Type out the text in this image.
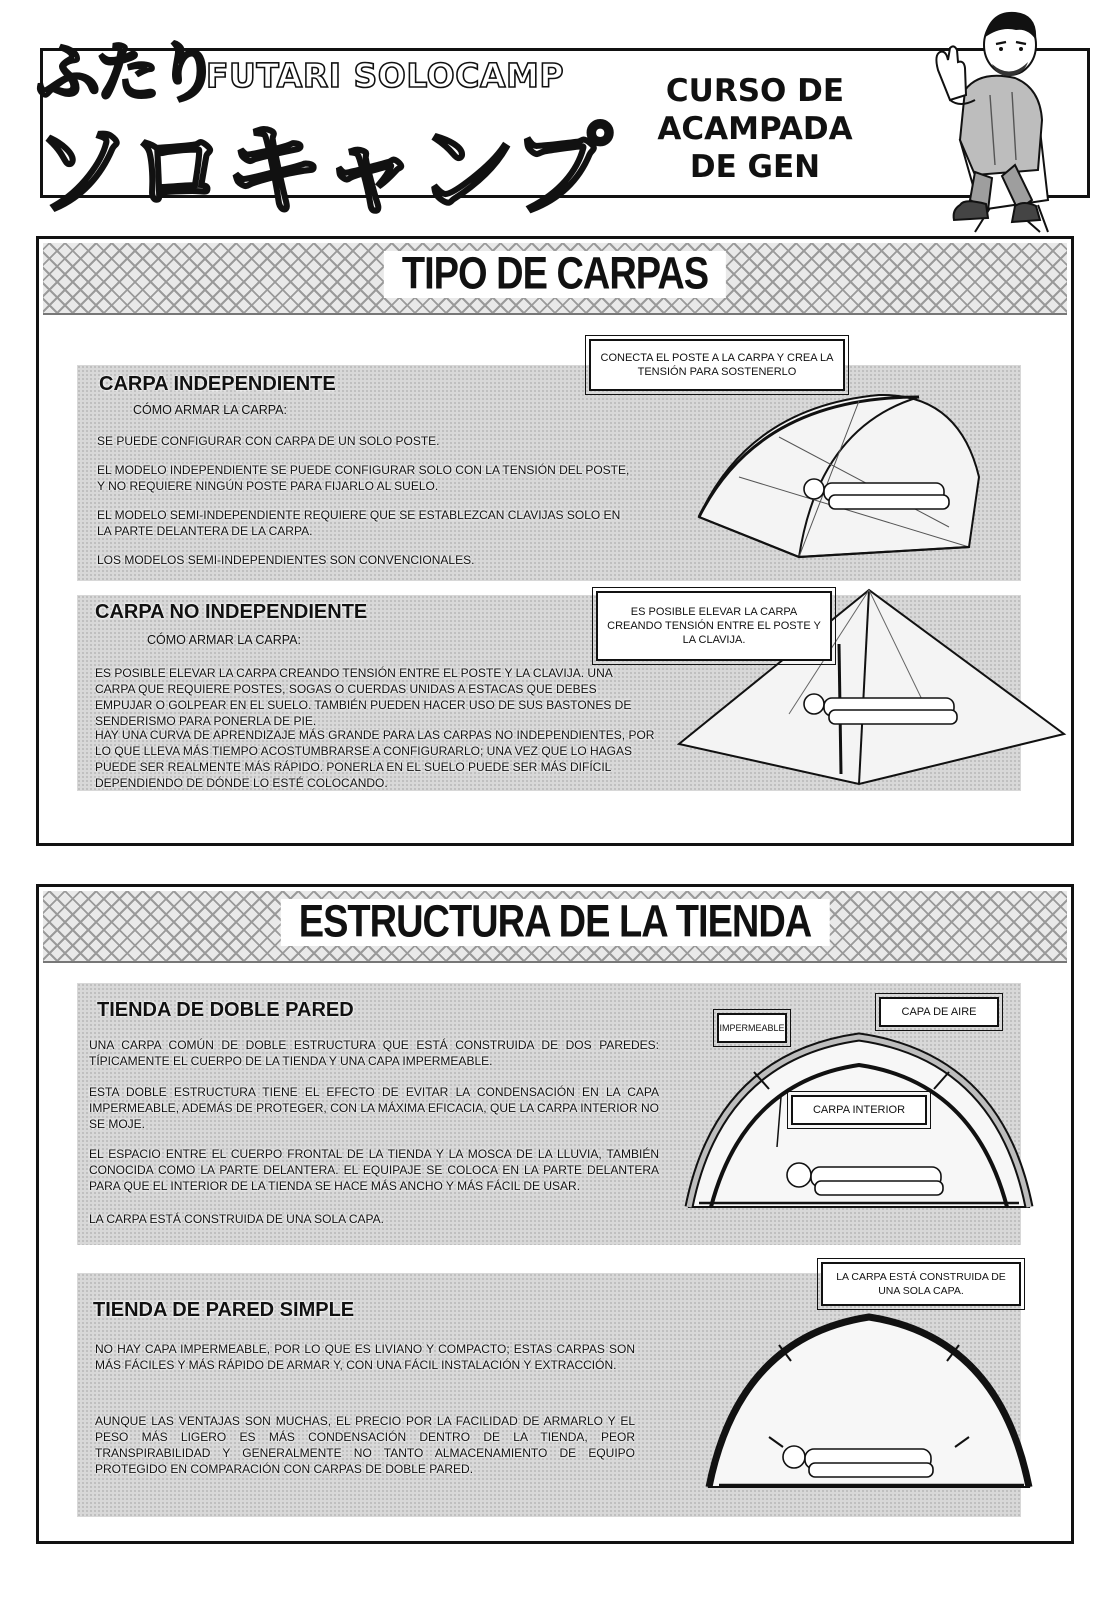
ふたり
ソロキャンプ
FUTARI SOLOCAMP	CURSO DE
ACAMPADA
DE GEN
TIPO DE CARPAS
CARPA INDEPENDIENTE
CÓMO ARMAR LA CARPA:
SE PUEDE CONFIGURAR CON CARPA DE UN SOLO POSTE.
EL MODELO INDEPENDIENTE SE PUEDE CONFIGURAR SOLO CON LA TENSIÓN DEL POSTE, Y NO REQUIERE NINGÚN POSTE PARA FIJARLO AL SUELO.
EL MODELO SEMI-INDEPENDIENTE REQUIERE QUE SE ESTABLEZCAN CLAVIJAS SOLO EN LA PARTE DELANTERA DE LA CARPA.
LOS MODELOS SEMI-INDEPENDIENTES SON CONVENCIONALES.
CONECTA EL POSTE A LA CARPA Y CREA LA TENSIÓN PARA SOSTENERLO
CARPA NO INDEPENDIENTE
CÓMO ARMAR LA CARPA:
ES POSIBLE ELEVAR LA CARPA CREANDO TENSIÓN ENTRE EL POSTE Y LA CLAVIJA. UNA CARPA QUE REQUIERE POSTES, SOGAS O CUERDAS UNIDAS A ESTACAS QUE DEBES EMPUJAR O GOLPEAR EN EL SUELO. TAMBIÉN PUEDEN HACER USO DE SUS BASTONES DE SENDERISMO PARA PONERLA DE PIE.
HAY UNA CURVA DE APRENDIZAJE MÁS GRANDE PARA LAS CARPAS NO INDEPENDIENTES, POR LO QUE LLEVA MÁS TIEMPO ACOSTUMBRARSE A CONFIGURARLO; UNA VEZ QUE LO HAGAS PUEDE SER REALMENTE MÁS RÁPIDO. PONERLA EN EL SUELO PUEDE SER MÁS DIFÍCIL DEPENDIENDO DE DÓNDE LO ESTÉ COLOCANDO.
ES POSIBLE ELEVAR LA CARPA CREANDO TENSIÓN ENTRE EL POSTE Y LA CLAVIJA.
ESTRUCTURA DE LA TIENDA
TIENDA DE DOBLE PARED
UNA CARPA COMÚN DE DOBLE ESTRUCTURA QUE ESTÁ CONSTRUIDA DE DOS PAREDES: TÍPICAMENTE EL CUERPO DE LA TIENDA Y UNA CAPA IMPERMEABLE.
ESTA DOBLE ESTRUCTURA TIENE EL EFECTO DE EVITAR LA CONDENSACIÓN EN LA CAPA IMPERMEABLE, ADEMÁS DE PROTEGER, CON LA MÁXIMA EFICACIA, QUE LA CARPA INTERIOR NO SE MOJE.
EL ESPACIO ENTRE EL CUERPO FRONTAL DE LA TIENDA Y LA MOSCA DE LA LLUVIA, TAMBIÉN CONOCIDA COMO LA PARTE DELANTERA. EL EQUIPAJE SE COLOCA EN LA PARTE DELANTERA PARA QUE EL INTERIOR DE LA TIENDA SE HACE MÁS ANCHO Y MÁS FÁCIL DE USAR.
LA CARPA ESTÁ CONSTRUIDA DE UNA SOLA CAPA.
IMPERMEABLE
CAPA DE AIRE
CARPA INTERIOR
TIENDA DE PARED SIMPLE
NO HAY CAPA IMPERMEABLE, POR LO QUE ES LIVIANO Y COMPACTO; ESTAS CARPAS SON MÁS FÁCILES Y MÁS RÁPIDO DE ARMAR Y, CON UNA FÁCIL INSTALACIÓN Y EXTRACCIÓN.
AUNQUE LAS VENTAJAS SON MUCHAS, EL PRECIO POR LA FACILIDAD DE ARMARLO Y EL PESO MÁS LIGERO ES MÁS CONDENSACIÓN DENTRO DE LA TIENDA, PEOR TRANSPIRABILIDAD Y GENERALMENTE NO TANTO ALMACENAMIENTO DE EQUIPO PROTEGIDO EN COMPARACIÓN CON CARPAS DE DOBLE PARED.
LA CARPA ESTÁ CONSTRUIDA DE UNA SOLA CAPA.
